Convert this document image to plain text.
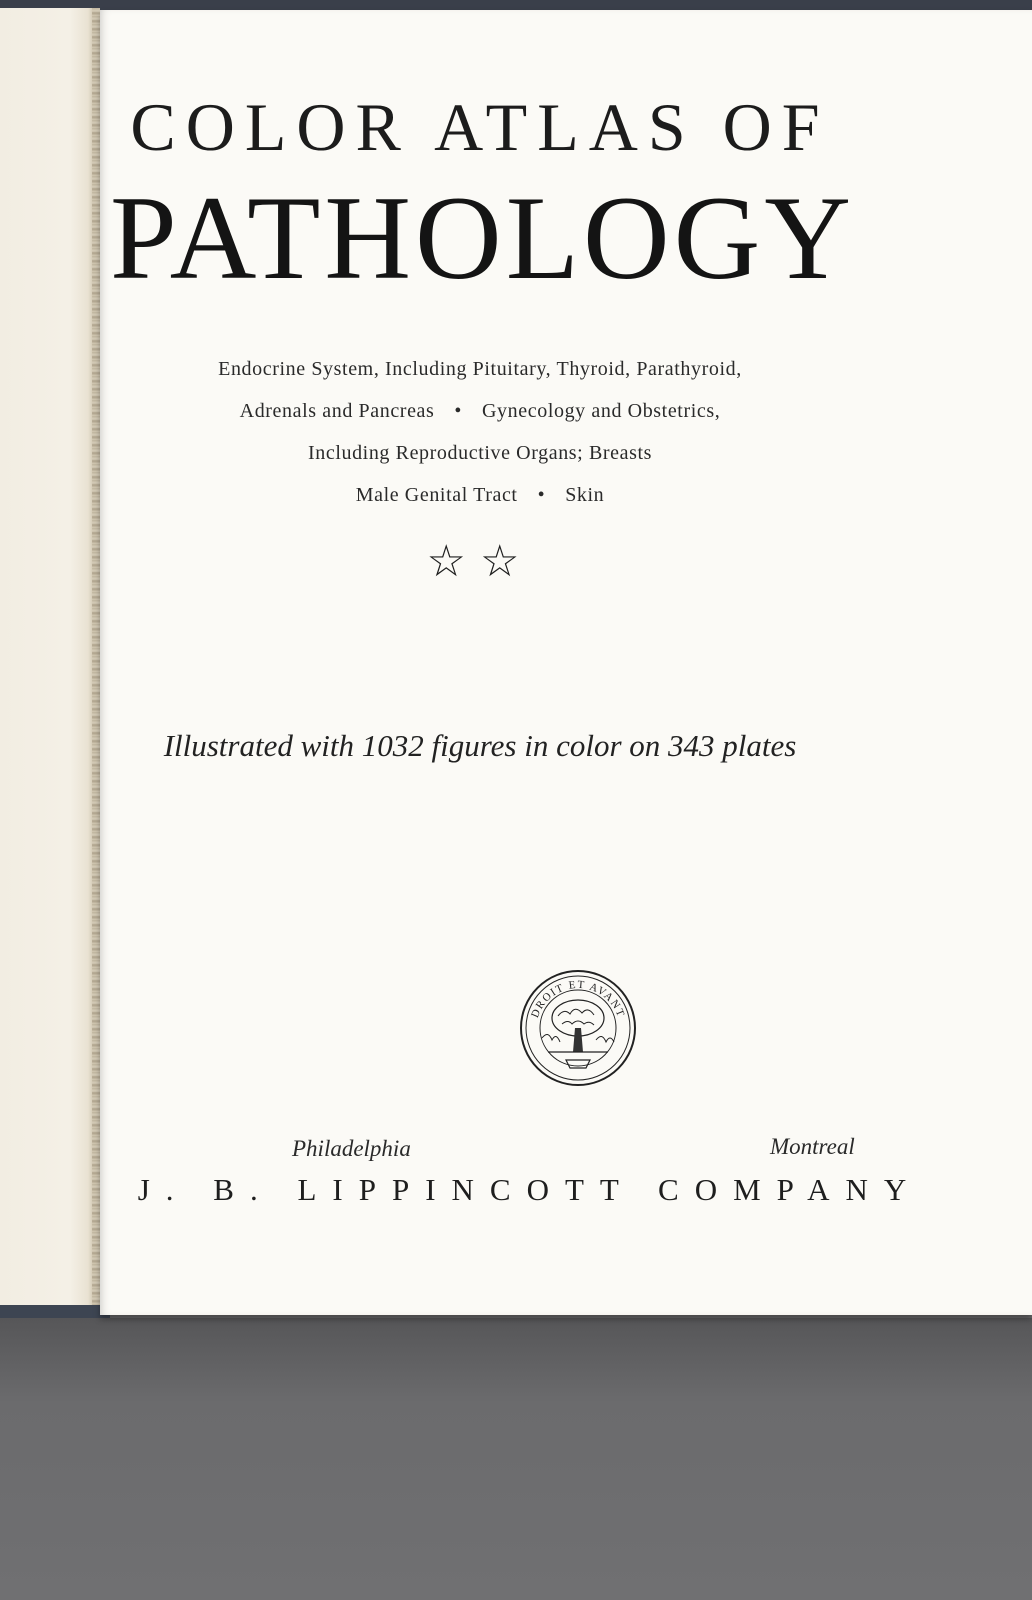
COLOR ATLAS OF
PATHOLOGY
Endocrine System, Including Pituitary, Thyroid, Parathyroid,
Adrenals and Pancreas • Gynecology and Obstetrics,
Including Reproductive Organs; Breasts
Male Genital Tract • Skin
☆☆
Illustrated with 1032 figures in color on 343 plates
DROIT ET AVANT
Philadelphia	Montreal
J. B. LIPPINCOTT COMPANY
